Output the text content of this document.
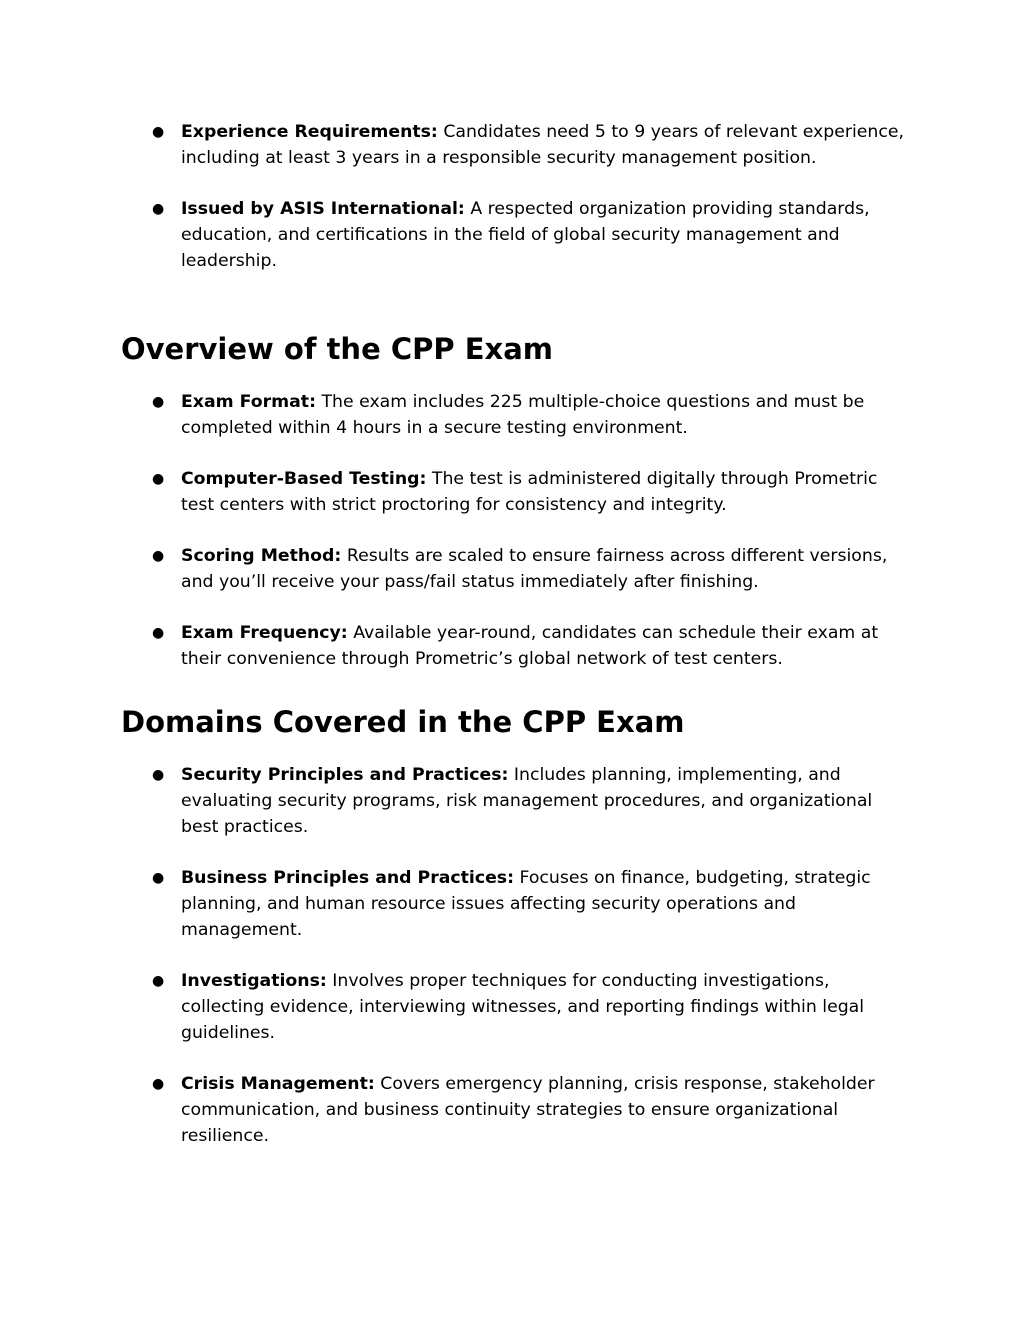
● Experience Requirements: Candidates need 5 to 9 years of relevant experience, including at least 3 years in a responsible security management position.
● Issued by ASIS International: A respected organization providing standards, education, and certifications in the field of global security management and leadership.
Overview of the CPP Exam
● Exam Format: The exam includes 225 multiple-choice questions and must be completed within 4 hours in a secure testing environment.
● Computer-Based Testing: The test is administered digitally through Prometric test centers with strict proctoring for consistency and integrity.
● Scoring Method: Results are scaled to ensure fairness across different versions, and you’ll receive your pass/fail status immediately after finishing.
● Exam Frequency: Available year-round, candidates can schedule their exam at their convenience through Prometric’s global network of test centers.
Domains Covered in the CPP Exam
● Security Principles and Practices: Includes planning, implementing, and evaluating security programs, risk management procedures, and organizational best practices.
● Business Principles and Practices: Focuses on finance, budgeting, strategic planning, and human resource issues affecting security operations and management.
● Investigations: Involves proper techniques for conducting investigations, collecting evidence, interviewing witnesses, and reporting findings within legal guidelines.
● Crisis Management: Covers emergency planning, crisis response, stakeholder communication, and business continuity strategies to ensure organizational resilience.
